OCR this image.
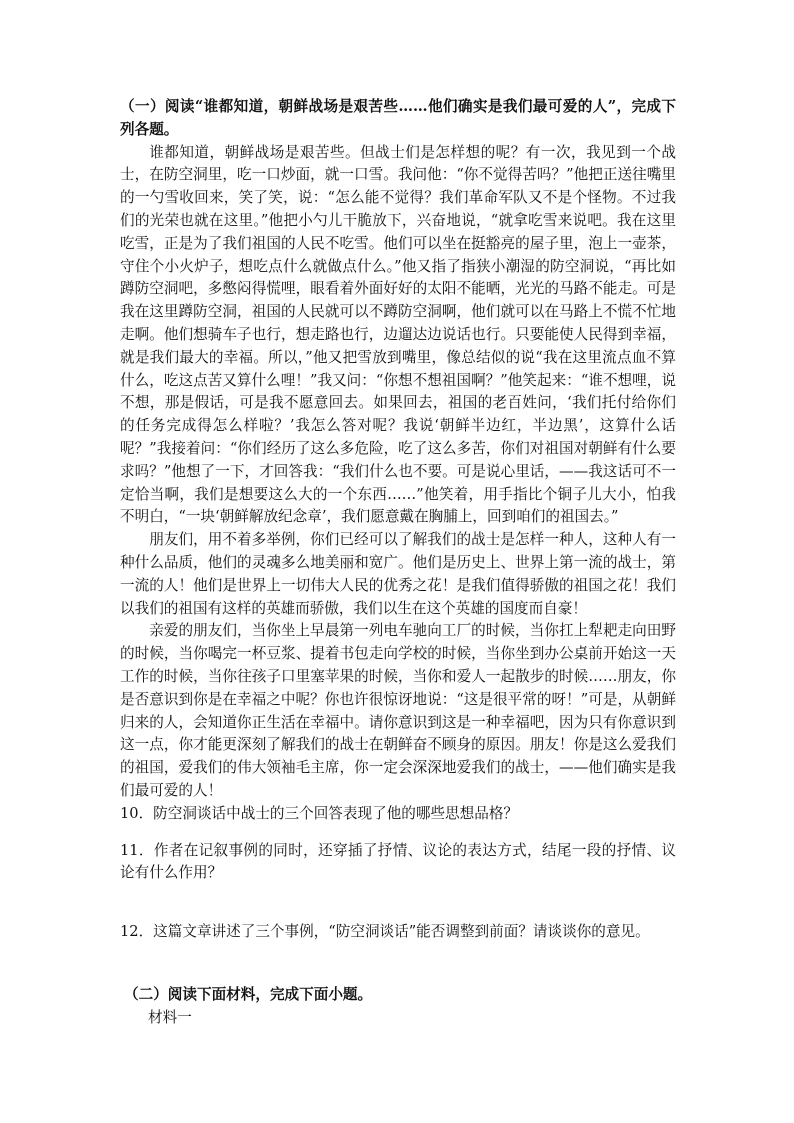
（一）阅读“谁都知道，朝鲜战场是艰苦些……他们确实是我们最可爱的人”，完成下列各题。

谁都知道，朝鲜战场是艰苦些。但战士们是怎样想的呢？有一次，我见到一个战士，在防空洞里，吃一口炒面，就一口雪。我问他：“你不觉得苦吗？”他把正送往嘴里的一勺雪收回来，笑了笑，说：“怎么能不觉得？我们革命军队又不是个怪物。不过我们的光荣也就在这里。”他把小勺儿干脆放下，兴奋地说，“就拿吃雪来说吧。我在这里吃雪，正是为了我们祖国的人民不吃雪。他们可以坐在挺豁亮的屋子里，泡上一壶茶，守住个小火炉子，想吃点什么就做点什么。”他又指了指狭小潮湿的防空洞说，“再比如蹲防空洞吧，多憋闷得慌哩，眼看着外面好好的太阳不能晒，光光的马路不能走。可是我在这里蹲防空洞，祖国的人民就可以不蹲防空洞啊，他们就可以在马路上不慌不忙地走啊。他们想骑车子也行，想走路也行，边遛达边说话也行。只要能使人民得到幸福，就是我们最大的幸福。所以，”他又把雪放到嘴里，像总结似的说“我在这里流点血不算什么，吃这点苦又算什么哩！”我又问：“你想不想祖国啊？”他笑起来：“谁不想哩，说不想，那是假话，可是我不愿意回去。如果回去，祖国的老百姓问，‘我们托付给你们的任务完成得怎么样啦？’我怎么答对呢？我说‘朝鲜半边红，半边黑’，这算什么话呢？”我接着问：“你们经历了这么多危险，吃了这么多苦，你们对祖国对朝鲜有什么要求吗？”他想了一下，才回答我：“我们什么也不要。可是说心里话，——我这话可不一定恰当啊，我们是想要这么大的一个东西……”他笑着，用手指比个铜子儿大小，怕我不明白，“一块‘朝鲜解放纪念章’，我们愿意戴在胸脯上，回到咱们的祖国去。”

朋友们，用不着多举例，你们已经可以了解我们的战士是怎样一种人，这种人有一种什么品质，他们的灵魂多么地美丽和宽广。他们是历史上、世界上第一流的战士，第一流的人！他们是世界上一切伟大人民的优秀之花！是我们值得骄傲的祖国之花！我们以我们的祖国有这样的英雄而骄傲，我们以生在这个英雄的国度而自豪！

亲爱的朋友们，当你坐上早晨第一列电车驰向工厂的时候，当你扛上犁耙走向田野的时候，当你喝完一杯豆浆、提着书包走向学校的时候，当你坐到办公桌前开始这一天工作的时候，当你往孩子口里塞苹果的时候，当你和爱人一起散步的时候……朋友，你是否意识到你是在幸福之中呢？你也许很惊讶地说：“这是很平常的呀！”可是，从朝鲜归来的人，会知道你正生活在幸福中。请你意识到这是一种幸福吧，因为只有你意识到这一点，你才能更深刻了解我们的战士在朝鲜奋不顾身的原因。朋友！你是这么爱我们的祖国，爱我们的伟大领袖毛主席，你一定会深深地爱我们的战士，——他们确实是我们最可爱的人！

10．防空洞谈话中战士的三个回答表现了他的哪些思想品格？

11．作者在记叙事例的同时，还穿插了抒情、议论的表达方式，结尾一段的抒情、议论有什么作用？

12．这篇文章讲述了三个事例，“防空洞谈话”能否调整到前面？请谈谈你的意见。

（二）阅读下面材料，完成下面小题。

材料一
